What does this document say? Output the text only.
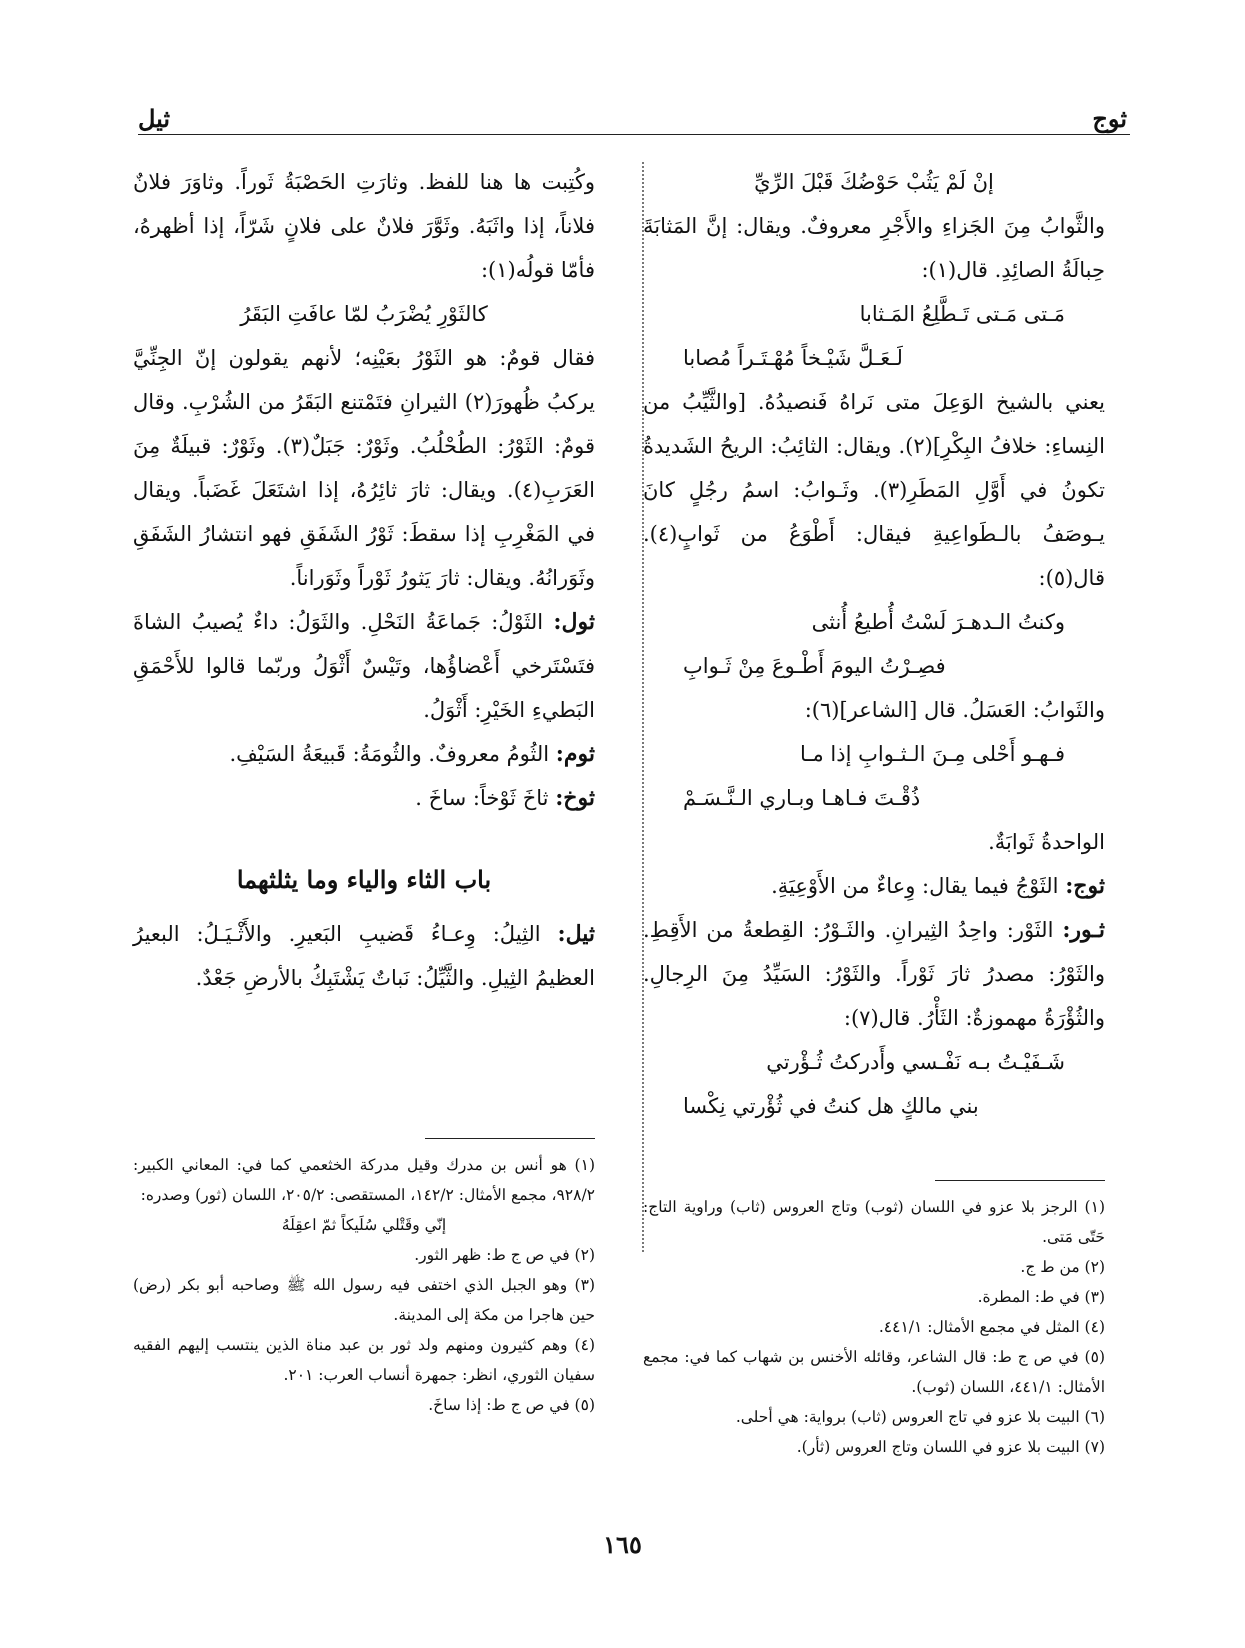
ثوج
ثيل

إنْ لَمْ يَثُبْ حَوْضُكَ قَبْلَ الرِّيِّ

والثَّوابُ مِنَ الجَزاءِ والأَجْرِ معروفٌ. ويقال: إنَّ المَثابَةَ حِبالَةُ الصائِدِ. قال(١):

مَـتى مَـتى تَـطَّلِعُ المَـثابا

لَـعَـلَّ شَيْـخاً مُهْـتَـراً مُصابا

يعني بالشيخ الوَعِلَ متى نَراهُ فَنصيدُهُ. [والثَّيِّبُ من النِساءِ: خلافُ البِكْرِ](٢). ويقال: الثائِبُ: الريحُ الشَديدةُ تكونُ في أَوَّلِ المَطَرِ(٣). وثَـوابُ: اسمُ رجُلٍ كانَ يـوصَفُ بالـطَواعِيةِ فيقال: أَطْوَعُ من ثَوابٍ(٤). قال(٥):

وكنتُ الـدهـرَ لَسْتُ أُطيعُ أُنثى

فصِـرْتُ اليومَ أَطْـوعَ مِنْ ثَـوابِ

والثَوابُ: العَسَلُ. قال [الشاعر](٦):

فـهـو أَحْلى مِـنَ الـثـوابِ إذا مـا

ذُقْـتَ فـاهـا وبـاري الـنَّـسَـمْ

الواحدةُ ثَوابَةٌ.

ثوج: الثَوْجُ فيما يقال: وِعاءٌ من الأَوْعِيَةِ.

ثـور: الثَوْر: واحِدُ الثِيرانِ. والثَـوْرُ: القِطعةُ من الأَقِطِ. والثَوْرُ: مصدرُ ثارَ ثَوْراً. والثَوْرُ: السَيِّدُ مِنَ الرِجالِ. والثُؤْرَةُ مهموزةٌ: الثَأْرُ. قال(٧):

شَـفَيْـتُ بـه نَفْـسي وأَدركتُ ثُـؤْرتي

بني مالكٍ هل كنتُ في ثُؤْرتي نِكْسا

وكُتِبت ها هنا للفظ. وثارَتِ الحَصْبَةُ ثَوراً. وثاوَرَ فلانٌ فلاناً، إذا واثَبَهُ. وثَوَّرَ فلانٌ على فلانٍ شَرّاً، إذا أظهرهُ، فأمّا قولُه(١):

كالثَوْرِ يُضْرَبُ لمّا عافَتِ البَقَرُ

فقال قومٌ: هو الثَوْرُ بعَيْنِه؛ لأنهم يقولون إنّ الجِنِّيَّ يركبُ ظُهورَ(٢) الثيرانِ فتَمْتنع البَقَرُ من الشُرْبِ. وقال قومٌ: الثَوْرُ: الطُحْلُبُ. وثَوْرٌ: جَبَلٌ(٣). وثَوْرٌ: قبيلَةٌ مِنَ العَرَبِ(٤). ويقال: ثارَ ثائِرُهُ، إذا اشتَعَلَ غَضَباً. ويقال في المَغْرِبِ إذا سقطَ: ثَوْرُ الشَفَقِ فهو انتشارُ الشَفَقِ وثَوَرانُهُ. ويقال: ثارَ يَثورُ ثَوْراً وثَوَراناً.

ثول: الثَوْلُ: جَماعَةُ النَحْلِ. والثَوَلُ: داءٌ يُصيبُ الشاةَ فتَسْتَرخي أَعْضاؤُها، وتَيْسٌ أَثْوَلُ وربّما قالوا للأَحْمَقِ البَطيءِ الخَيْرِ: أَثْوَلُ.

ثوم: الثُومُ معروفٌ. والثُومَةُ: قَبيعَةُ السَيْفِ.

ثوخ: ثاخَ ثَوْخاً: ساخَ .

باب الثاء والياء وما يثلثهما

ثيل: الثِيلُ: وِعـاءُ قَضيبِ البَعيرِ. والأَثْـيَـلُ: البعيرُ العظيمُ الثِيلِ. والثَّيِّلُ: نَباتٌ يَشْتَبِكُ بالأرضِ جَعْدٌ.

(١) الرجز بلا عزو في اللسان (ثوب) وتاج العروس (ثاب) وراوية التاج: حَتّى مَتى.

(٢) من ط ج.

(٣) في ط: المطرة.

(٤) المثل في مجمع الأمثال: ٤٤١/١.

(٥) في ص ج ط: قال الشاعر، وقائله الأخنس بن شهاب كما في: مجمع الأمثال: ٤٤١/١، اللسان (ثوب).

(٦) البيت بلا عزو في تاج العروس (ثاب) برواية: هي أحلى.

(٧) البيت بلا عزو في اللسان وتاج العروس (ثأر).

(١) هو أنس بن مدرك وقيل مدركة الخثعمي كما في: المعاني الكبير: ٩٢٨/٢، مجمع الأمثال: ١٤٢/٢، المستقصى: ٢٠٥/٢، اللسان (ثور) وصدره:

إنّي وقَتْلي سُلَيكاً ثمّ اعقِلَهُ

(٢) في ص ج ط: ظهر الثور.

(٣) وهو الجبل الذي اختفى فيه رسول الله ﷺ وصاحبه أبو بكر (رض) حين هاجرا من مكة إلى المدينة.

(٤) وهم كثيرون ومنهم ولد ثور بن عبد مناة الذين ينتسب إليهم الفقيه سفيان الثوري، انظر: جمهرة أنساب العرب: ٢٠١.

(٥) في ص ج ط: إذا ساخَ.

١٦٥
